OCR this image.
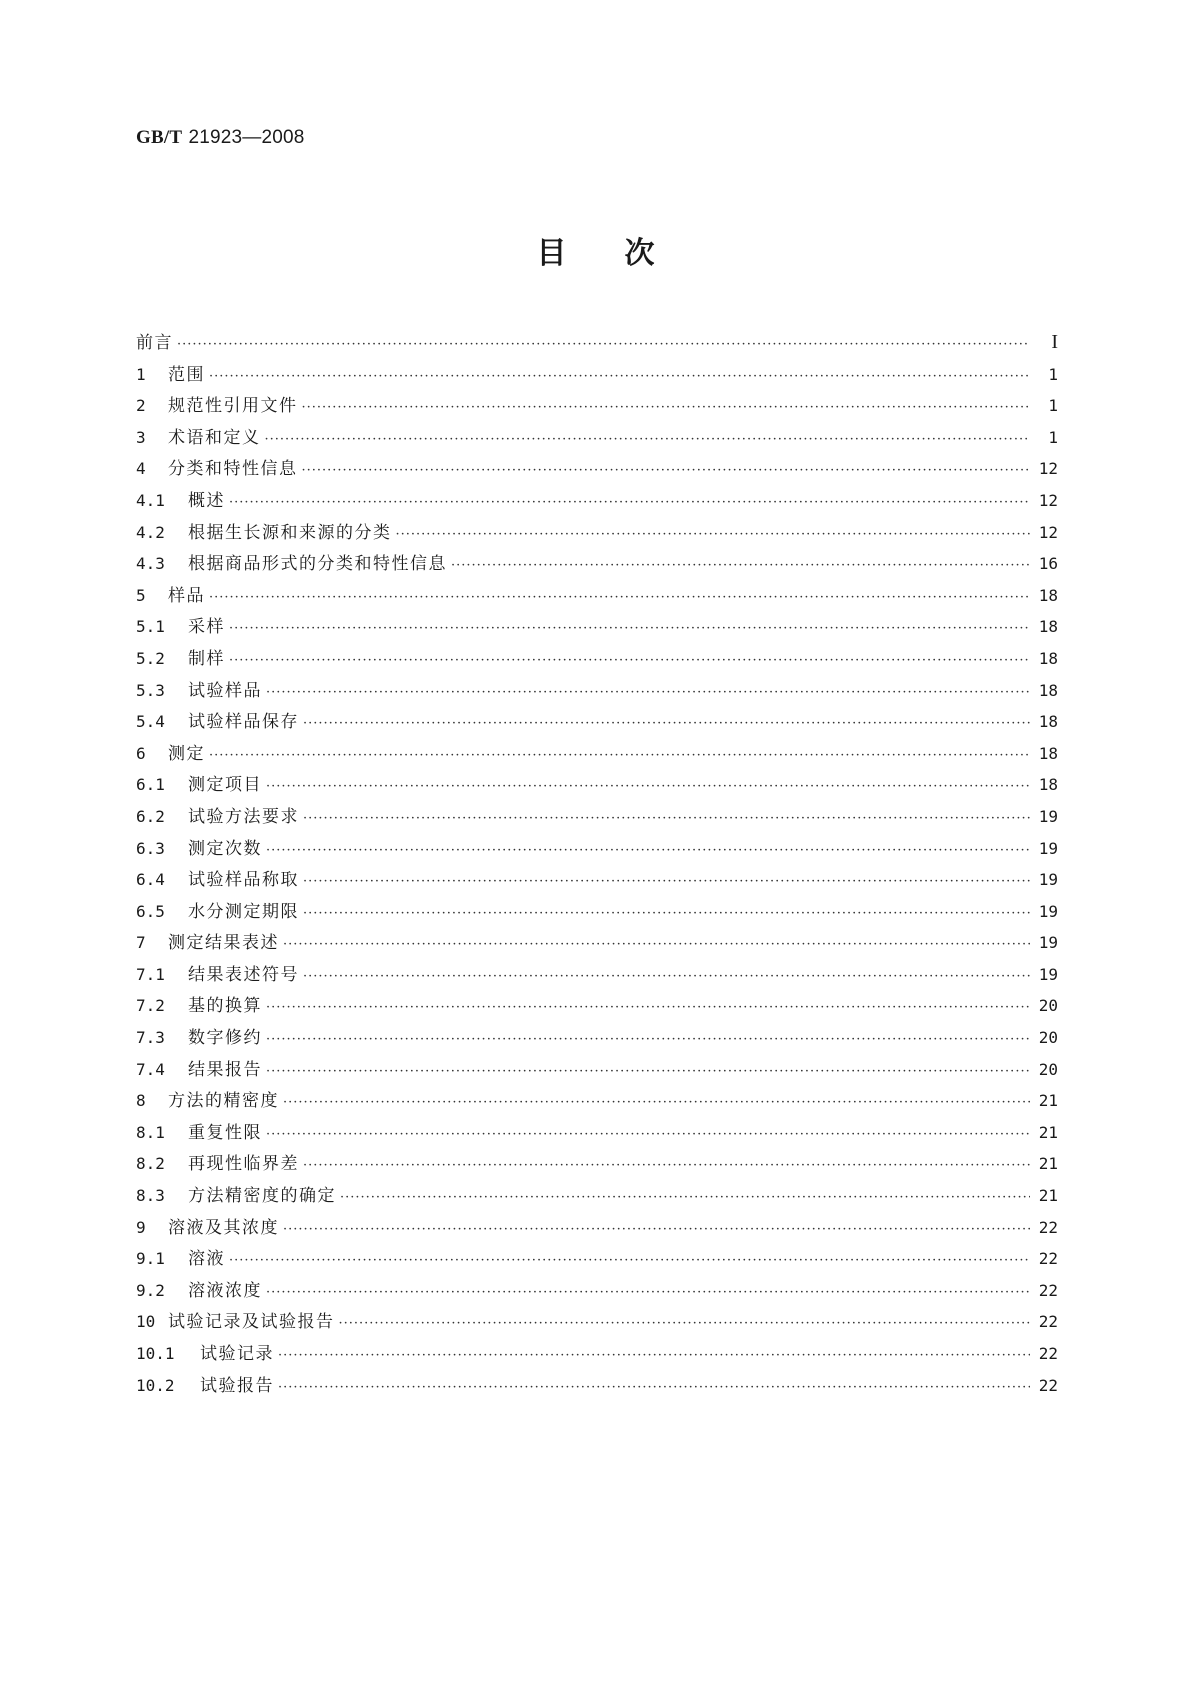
GB/T 21923—2008
目次
前言 ·····	I
1	范围 ·····	1
2	规范性引用文件 ·····	1
3	术语和定义 ·····	1
4	分类和特性信息 ·····	12
4.1	概述 ·····	12
4.2	根据生长源和来源的分类 ·····	12
4.3	根据商品形式的分类和特性信息 ·····	16
5	样品 ·····	18
5.1	采样 ·····	18
5.2	制样 ·····	18
5.3	试验样品 ·····	18
5.4	试验样品保存 ·····	18
6	测定 ·····	18
6.1	测定项目 ·····	18
6.2	试验方法要求 ·····	19
6.3	测定次数 ·····	19
6.4	试验样品称取 ·····	19
6.5	水分测定期限 ·····	19
7	测定结果表述 ·····	19
7.1	结果表述符号 ·····	19
7.2	基的换算 ·····	20
7.3	数字修约 ·····	20
7.4	结果报告 ·····	20
8	方法的精密度 ·····	21
8.1	重复性限 ·····	21
8.2	再现性临界差 ·····	21
8.3	方法精密度的确定 ·····	21
9	溶液及其浓度 ·····	22
9.1	溶液 ·····	22
9.2	溶液浓度 ·····	22
10 试验记录及试验报告 ·····	22
10.1	试验记录 ·····	22
10.2	试验报告 ·····	22
